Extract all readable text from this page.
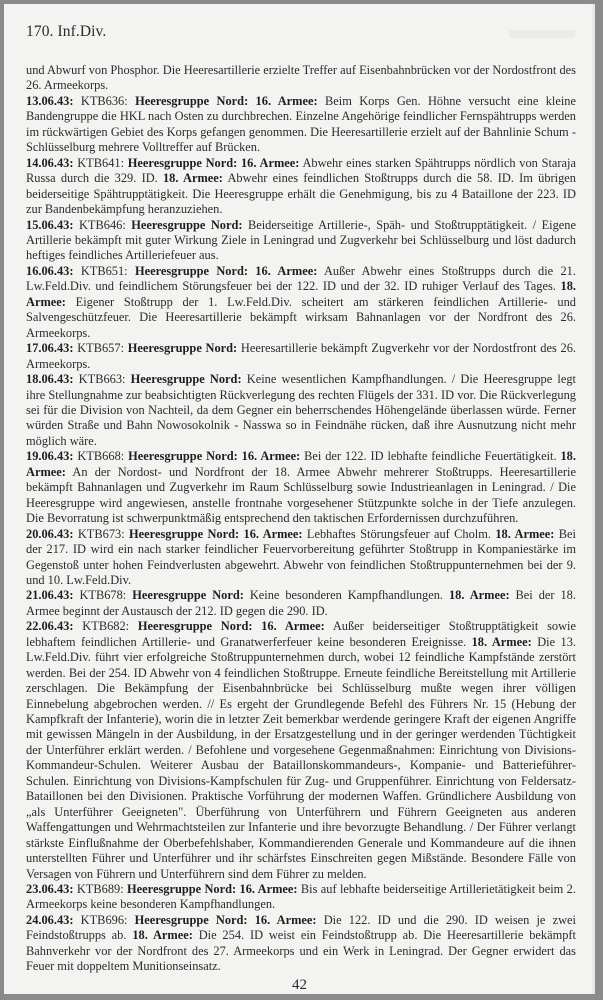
170. Inf.Div.

und Abwurf von Phosphor. Die Heeresartillerie erzielte Treffer auf Eisenbahnbrücken vor der Nordostfront des 26. Armeekorps.

13.06.43: KTB636: Heeresgruppe Nord: 16. Armee: Beim Korps Gen. Höhne versucht eine kleine Bandengruppe die HKL nach Osten zu durchbrechen. Einzelne Angehörige feindlicher Fernspähtrupps werden im rückwärtigen Gebiet des Korps gefangen genommen. Die Heeresartillerie erzielt auf der Bahnlinie Schum - Schlüsselburg mehrere Volltreffer auf Brücken.

14.06.43: KTB641: Heeresgruppe Nord: 16. Armee: Abwehr eines starken Spähtrupps nördlich von Staraja Russa durch die 329. ID. 18. Armee: Abwehr eines feindlichen Stoßtrupps durch die 58. ID. Im übrigen beiderseitige Spähtrupptätigkeit. Die Heeresgruppe erhält die Genehmigung, bis zu 4 Bataillone der 223. ID zur Bandenbekämpfung heranzuziehen.

15.06.43: KTB646: Heeresgruppe Nord: Beiderseitige Artillerie-, Späh- und Stoßtrupptätigkeit. / Eigene Artillerie bekämpft mit guter Wirkung Ziele in Leningrad und Zugverkehr bei Schlüsselburg und löst dadurch heftiges feindliches Artilleriefeuer aus.

16.06.43: KTB651: Heeresgruppe Nord: 16. Armee: Außer Abwehr eines Stoßtrupps durch die 21. Lw.Feld.Div. und feindlichem Störungsfeuer bei der 122. ID und der 32. ID ruhiger Verlauf des Tages. 18. Armee: Eigener Stoßtrupp der 1. Lw.Feld.Div. scheitert am stärkeren feindlichen Artillerie- und Salvengeschützfeuer. Die Heeresartillerie bekämpft wirksam Bahnanlagen vor der Nordfront des 26. Armeekorps.

17.06.43: KTB657: Heeresgruppe Nord: Heeresartillerie bekämpft Zugverkehr vor der Nordostfront des 26. Armeekorps.

18.06.43: KTB663: Heeresgruppe Nord: Keine wesentlichen Kampfhandlungen. / Die Heeresgruppe legt ihre Stellungnahme zur beabsichtigten Rückverlegung des rechten Flügels der 331. ID vor. Die Rückverlegung sei für die Division von Nachteil, da dem Gegner ein beherrschendes Höhengelände überlassen würde. Ferner würden Straße und Bahn Nowosokolnik - Nasswa so in Feindnähe rücken, daß ihre Ausnutzung nicht mehr möglich wäre.

19.06.43: KTB668: Heeresgruppe Nord: 16. Armee: Bei der 122. ID lebhafte feindliche Feuertätigkeit. 18. Armee: An der Nordost- und Nordfront der 18. Armee Abwehr mehrerer Stoßtrupps. Heeresartillerie bekämpft Bahnanlagen und Zugverkehr im Raum Schlüsselburg sowie Industrieanlagen in Leningrad. / Die Heeresgruppe wird angewiesen, anstelle frontnahe vorgesehener Stützpunkte solche in der Tiefe anzulegen. Die Bevorratung ist schwerpunktmäßig entsprechend den taktischen Erfordernissen durchzuführen.

20.06.43: KTB673: Heeresgruppe Nord: 16. Armee: Lebhaftes Störungsfeuer auf Cholm. 18. Armee: Bei der 217. ID wird ein nach starker feindlicher Feuervorbereitung geführter Stoßtrupp in Kompaniestärke im Gegenstoß unter hohen Feindverlusten abgewehrt. Abwehr von feindlichen Stoßtruppunternehmen bei der 9. und 10. Lw.Feld.Div.

21.06.43: KTB678: Heeresgruppe Nord: Keine besonderen Kampfhandlungen. 18. Armee: Bei der 18. Armee beginnt der Austausch der 212. ID gegen die 290. ID.

22.06.43: KTB682: Heeresgruppe Nord: 16. Armee: Außer beiderseitiger Stoßtrupptätigkeit sowie lebhaftem feindlichen Artillerie- und Granatwerferfeuer keine besonderen Ereignisse. 18. Armee: Die 13. Lw.Feld.Div. führt vier erfolgreiche Stoßtruppunternehmen durch, wobei 12 feindliche Kampfstände zerstört werden. Bei der 254. ID Abwehr von 4 feindlichen Stoßtruppe. Erneute feindliche Bereitstellung mit Artillerie zerschlagen. Die Bekämpfung der Eisenbahnbrücke bei Schlüsselburg mußte wegen ihrer völligen Einnebelung abgebrochen werden. // Es ergeht der Grundlegende Befehl des Führers Nr. 15 (Hebung der Kampfkraft der Infanterie), worin die in letzter Zeit bemerkbar werdende geringere Kraft der eigenen Angriffe mit gewissen Mängeln in der Ausbildung, in der Ersatzgestellung und in der geringer werdenden Tüchtigkeit der Unterführer erklärt werden. / Befohlene und vorgesehene Gegenmaßnahmen: Einrichtung von Divisions-Kommandeur-Schulen. Weiterer Ausbau der Bataillonskommandeurs-, Kompanie- und Batterieführer-Schulen. Einrichtung von Divisions-Kampfschulen für Zug- und Gruppenführer. Einrichtung von Feldersatz-Bataillonen bei den Divisionen. Praktische Vorführung der modernen Waffen. Gründlichere Ausbildung von „als Unterführer Geeigneten". Überführung von Unterführern und Führern Geeigneten aus anderen Waffengattungen und Wehrmachtsteilen zur Infanterie und ihre bevorzugte Behandlung. / Der Führer verlangt stärkste Einflußnahme der Oberbefehlshaber, Kommandierenden Generale und Kommandeure auf die ihnen unterstellten Führer und Unterführer und ihr schärfstes Einschreiten gegen Mißstände. Besondere Fälle von Versagen von Führern und Unterführern sind dem Führer zu melden.

23.06.43: KTB689: Heeresgruppe Nord: 16. Armee: Bis auf lebhafte beiderseitige Artillerietätigkeit beim 2. Armeekorps keine besonderen Kampfhandlungen.

24.06.43: KTB696: Heeresgruppe Nord: 16. Armee: Die 122. ID und die 290. ID weisen je zwei Feindstoßtrupps ab. 18. Armee: Die 254. ID weist ein Feindstoßtrupp ab. Die Heeresartillerie bekämpft Bahnverkehr vor der Nordfront des 27. Armeekorps und ein Werk in Leningrad. Der Gegner erwidert das Feuer mit doppeltem Munitionseinsatz.

42
